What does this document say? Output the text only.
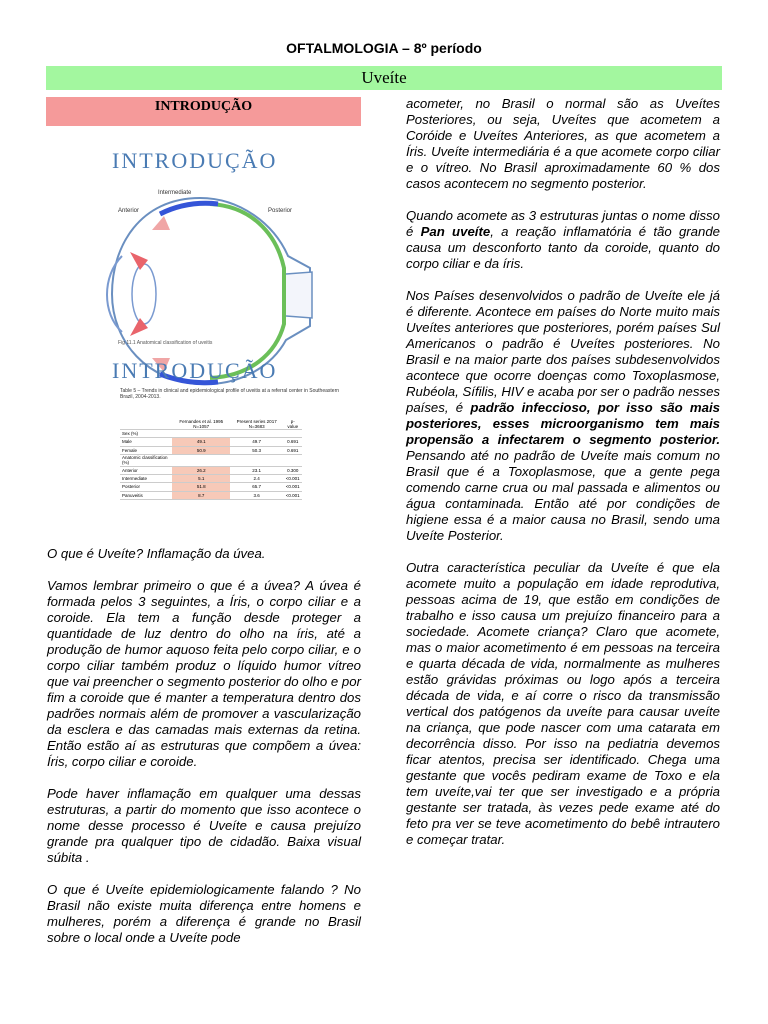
OFTALMOLOGIA – 8º período
Uveíte
INTRODUÇÃO
INTRODUÇÃO
Intermediate
Anterior	Posterior
Fig 11.1 Anatomical classification of uveitis
INTRODUÇÃO
Table 5 – Trends in clinical and epidemiological profile of uveitis at a referral center in Southeastern Brazil, 2004-2013.
	Fernandes et al. 1995 N=1057	Present series 2017 N=3683	p-value
Sex (%)			
Male	49.1	49.7	0.691
Female	50.9	50.3	0.691
Anatomic classification (%)			
Anterior	26.2	23.1	0.300
Intermediate	5.1	2.4	<0.001
Posterior	51.8	65.7	<0.001
Panuveitis	8.7	3.6	<0.001

O que é Uveíte? Inflamação da úvea.

Vamos lembrar primeiro o que é a úvea? A úvea é formada pelos 3 seguintes, a Íris, o corpo ciliar e a coroide. Ela tem a função desde proteger a quantidade de luz dentro do olho na íris, até a produção de humor aquoso feita pelo corpo ciliar, e o corpo ciliar também produz o líquido humor vítreo que vai preencher o segmento posterior do olho e por fim a coroide que é manter a temperatura dentro dos padrões normais além de promover a vascularização da esclera e das camadas mais externas da retina. Então estão aí as estruturas que compõem a úvea: Íris, corpo ciliar e coroide.

Pode haver inflamação em qualquer uma dessas estruturas, a partir do momento que isso acontece o nome desse processo é Uveíte e causa prejuízo grande pra qualquer tipo de cidadão. Baixa visual súbita .

O que é Uveíte epidemiologicamente falando ? No Brasil não existe muita diferença entre homens e mulheres, porém a diferença é grande no Brasil sobre o local onde a Uveíte pode

acometer, no Brasil o normal são as Uveítes Posteriores, ou seja, Uveítes que acometem a Coróide e Uveítes Anteriores, as que acometem a Íris. Uveíte intermediária é a que acomete corpo ciliar e o vítreo. No Brasil aproximadamente 60 % dos casos acontecem no segmento posterior.

Quando acomete as 3 estruturas juntas o nome disso é Pan uveíte, a reação inflamatória é tão grande causa um desconforto tanto da coroide, quanto do corpo ciliar e da íris.

Nos Países desenvolvidos o padrão de Uveíte ele já é diferente. Acontece em países do Norte muito mais Uveítes anteriores que posteriores, porém países Sul Americanos o padrão é Uveítes posteriores. No Brasil e na maior parte dos países subdesenvolvidos acontece que ocorre doenças como Toxoplasmose, Rubéola, Sífilis, HIV e acaba por ser o padrão nesses países, é padrão infeccioso, por isso são mais posteriores, esses microorganismo tem mais propensão a infectarem o segmento posterior. Pensando até no padrão de Uveíte mais comum no Brasil que é a Toxoplasmose, que a gente pega comendo carne crua ou mal passada e alimentos ou água contaminada. Então até por condições de higiene essa é a maior causa no Brasil, sendo uma Uveíte Posterior.

Outra característica peculiar da Uveíte é que ela acomete muito a população em idade reprodutiva, pessoas acima de 19, que estão em condições de trabalho e isso causa um prejuízo financeiro para a sociedade. Acomete criança? Claro que acomete, mas o maior acometimento é em pessoas na terceira e quarta década de vida, normalmente as mulheres estão grávidas próximas ou logo após a terceira década de vida, e aí corre o risco da transmissão vertical dos patógenos da uveíte para causar uveíte na criança, que pode nascer com uma catarata em decorrência disso. Por isso na pediatria devemos ficar atentos, precisa ser identificado. Chega uma gestante que vocês pediram exame de Toxo e ela tem uveíte,vai ter que ser investigado e a própria gestante ser tratada, às vezes pede exame até do feto pra ver se teve acometimento do bebê intrautero e começar tratar.
